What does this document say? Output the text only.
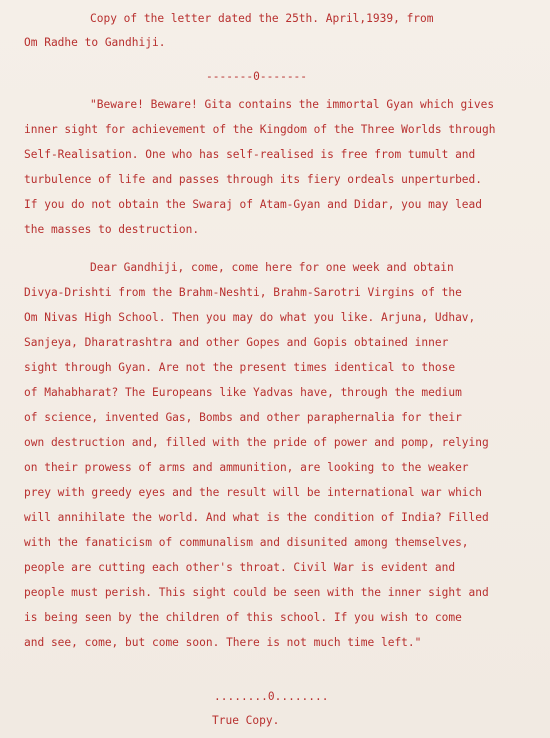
Copy of the letter dated the 25th. April,1939, from
Om Radhe to Gandhiji.
-------0-------
"Beware! Beware! Gita contains the immortal Gyan which gives
inner sight for achievement of the Kingdom of the Three Worlds through
Self-Realisation. One who has self-realised is free from tumult and
turbulence of life and passes through its fiery ordeals unperturbed.
If you do not obtain the Swaraj of Atam-Gyan and Didar, you may lead
the masses to destruction.
Dear Gandhiji, come, come here for one week and obtain
Divya-Drishti from the Brahm-Neshti, Brahm-Sarotri Virgins of the
Om Nivas High School. Then you may do what you like. Arjuna, Udhav,
Sanjeya, Dharatrashtra and other Gopes and Gopis obtained inner
sight through Gyan. Are not the present times identical to those
of Mahabharat? The Europeans like Yadvas have, through the medium
of science, invented Gas, Bombs and other paraphernalia for their
own destruction and, filled with the pride of power and pomp, relying
on their prowess of arms and ammunition, are looking to the weaker
prey with greedy eyes and the result will be international war which
will annihilate the world. And what is the condition of India? Filled
with the fanaticism of communalism and disunited among themselves,
people are cutting each other's throat. Civil War is evident and
people must perish. This sight could be seen with the inner sight and
is being seen by the children of this school. If you wish to come
and see, come, but come soon. There is not much time left."
........0........
True Copy.
